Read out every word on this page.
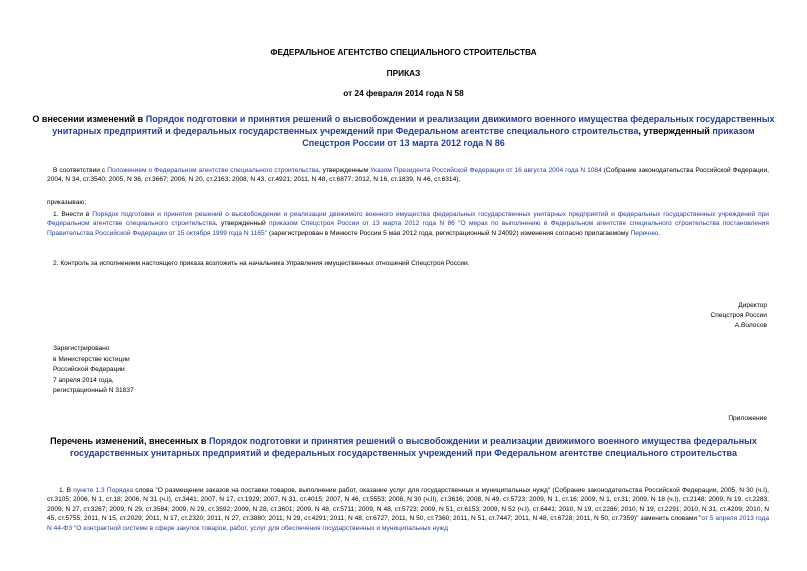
ФЕДЕРАЛЬНОЕ АГЕНТСТВО СПЕЦИАЛЬНОГО СТРОИТЕЛЬСТВА
ПРИКАЗ
от 24 февраля 2014 года N 58
О внесении изменений в Порядок подготовки и принятия решений о высвобождении и реализации движимого военного имущества федеральных государственных унитарных предприятий и федеральных государственных учреждений при Федеральном агентстве специального строительства, утвержденный приказом Спецстроя России от 13 марта 2012 года N 86
В соответствии с Положением о Федеральном агентстве специального строительства, утвержденным Указом Президента Российской Федерации от 16 августа 2004 года N 1084 (Собрание законодательства Российской Федерации, 2004, N 34, ст.3540; 2005, N 36, ст.3667; 2006, N 20, ст.2163; 2008, N 43, ст.4921; 2011, N 48, ст.6877; 2012, N 16, ст.1839, N 46, ст.6314),
приказываю:
1. Внести в Порядок подготовки и принятия решений о высвобождении и реализации движимого военного имущества федеральных государственных унитарных предприятий и федеральных государственных учреждений при Федеральном агентстве специального строительства, утвержденный приказом Спецстроя России от 13 марта 2012 года N 86 "О мерах по выполнению в Федеральном агентстве специального строительства постановления Правительства Российской Федерации от 15 октября 1999 года N 1165" (зарегистрирован в Минюсте России 5 мая 2012 года, регистрационный N 24092) изменения согласно прилагаемому Перечню.
2. Контроль за исполнением настоящего приказа возложить на начальника Управления имущественных отношений Спецстроя России.
Директор
Спецстроя России
А.Волосов
Зарегистрировано
в Министерстве юстиции
Российской Федерации
7 апреля 2014 года,
регистрационный N 31837
Приложение
Перечень изменений, внесенных в Порядок подготовки и принятия решений о высвобождении и реализации движимого военного имущества федеральных государственных унитарных предприятий и федеральных государственных учреждений при Федеральном агентстве специального строительства
1. В пункте 1.3 Порядка слова "О размещении заказов на поставки товаров, выполнение работ, оказание услуг для государственных и муниципальных нужд" (Собрание законодательства Российской Федерации, 2005, N 30 (ч.I), ст.3105; 2006, N 1, ст.18; 2006, N 31 (ч.I), ст.3441; 2007, N 17, ст.1929; 2007, N 31, ст.4015; 2007, N 46, ст.5553; 2008, N 30 (ч.II), ст.3616; 2008, N 49, ст.5723; 2009, N 1, ст.16; 2009, N 1, ст.31; 2009, N 18 (ч.I), ст.2148; 2009, N 19, ст.2283; 2009, N 27, ст.3267; 2009, N 29, ст.3584; 2009, N 29, ст.3592; 2009, N 28, ст.3601; 2009, N 48, ст.5711; 2009, N 48, ст.5723; 2009, N 51, ст.6153; 2009, N 52 (ч.I), ст.6441; 2010, N 19, ст.2286; 2010, N 19, ст.2291; 2010, N 31, ст.4209; 2010, N 45, ст.5755; 2011, N 15, ст.2029; 2011, N 17, ст.2320; 2011, N 27, ст.3880; 2011, N 29, ст.4291; 2011, N 48, ст.6727, 2011, N 50, ст.7360; 2011, N 51, ст.7447; 2011, N 48, ст.6728; 2011, N 50, ст.7359)" заменить словами "от 5 апреля 2013 года N 44-ФЗ "О контрактной системе в сфере закупок товаров, работ, услуг для обеспечения государственных и муниципальных нужд
